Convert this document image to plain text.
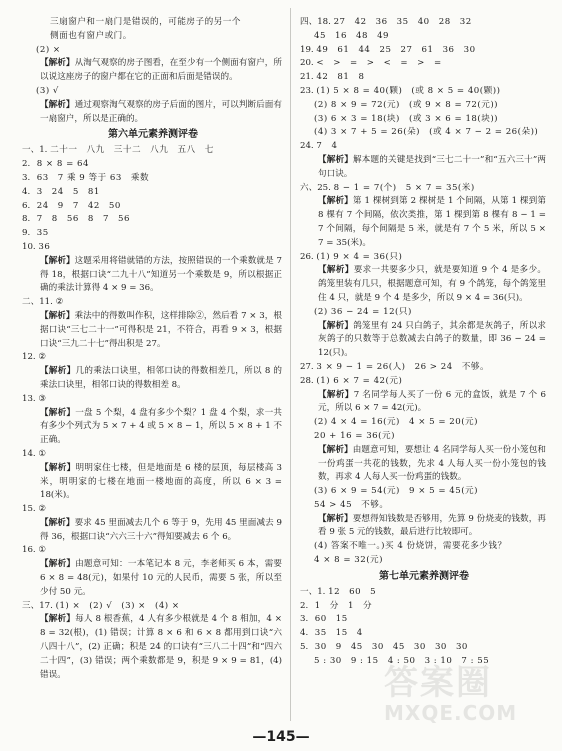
三扇窗户和一扇门是错误的，可能房子的另一个
侧面也有窗户或门。
(2) ×
【解析】从淘气观察的房子图看，在至少有一个侧面有窗户，所以说这座房子的窗户都在它的正面和后面是错误的。
(3) √
【解析】通过观察淘气观察的房子后面的图片，可以判断后面有一扇窗户，所以是正确的。
第六单元素养测评卷
一、1.
二十一　八九　三十二　八九　五八　七
2.
8 × 8 = 64
3.
63　7 乘 9 等于 63　乘数
4.
3　24　5　81
6.
24　9　7　42　50
8.
7　8　56　8　7　56
9.
35
10.
36
【解析】这题采用将错就错的方法，按照错误的一个乘数就是 7 得 18，根据口诀“二九十八”知道另一个乘数是 9，所以根据正确的乘法计算得 4 × 9 = 36。
二、11.
②
【解析】乘法中的得数叫作积，这样排除②，然后看 7 × 3，根据口诀“三七二十一”可得积是 21，不符合，再看 9 × 3，根据口诀“三九二十七”得出积是 27。
12.
②
【解析】几的乘法口诀里，相邻口诀的得数相差几，所以 8 的乘法口诀里，相邻口诀的得数相差 8。
13.
③
【解析】一盘 5 个梨，4 盘有多少个梨？1 盘 4 个梨，求一共有多少个列式为 5 × 7 + 4 或 5 × 8 − 1，所以 5 × 8 + 1 不正确。
14.
①
【解析】明明家住七楼，但是地面是 6 楼的层顶，每层楼高 3 米，明明家的七楼在地面一楼地面的高度，所以 6 × 3 = 18(米)。
15.
②
【解析】要求 45 里面减去几个 6 等于 9，先用 45 里面减去 9 得 36，根据口诀“六六三十六”得知要减去 6 个 6。
16.
①
【解析】由题意可知：一本笔记本 8 元，李老师买 6 本，需要 6 × 8 = 48(元)，如果付 10 元的人民币，需要 5 张，所以至少付 50 元。
三、17.
(1) ×　(2) √　(3) ×　(4) ×
【解析】每人 8 根香蕉，4 人有多少根就是 4 个 8 相加，4 × 8 = 32(根)，(1) 错误；计算 8 × 6 和 6 × 8 都用到口诀“六八四十八”，(2) 正确；积是 24 的口诀有“三八二十四”和“四六二十四”，(3) 错误；两个乘数都是 9，积是 9 × 9 = 81，(4) 错误。
四、18.
27　42　36　35　40　28　32
45　16　48　49
19.
49　61　44　25　27　61　36　30
20.
<　>　=　>　<　=　>　=
21.
42　81　8
23.
(1) 5 × 8 = 40(颗)　(或 8 × 5 = 40(颗))
(2) 8 × 9 = 72(元)　(或 9 × 8 = 72(元))
(3) 6 × 3 = 18(块)　(或 3 × 6 = 18(块))
(4) 3 × 7 + 5 = 26(朵)　(或 4 × 7 − 2 = 26(朵))
24.
7　4
【解析】解本题的关键是找到“三七二十一”和“五六三十”两句口诀。
六、25.
8 − 1 = 7(个)　5 × 7 = 35(米)
【解析】第 1 棵树到第 2 棵树是 1 个间隔，从第 1 棵到第 8 棵有 7 个间隔，依次类推，第 1 棵到第 8 棵有 8 − 1 = 7 个间隔，每个间隔是 5 米，就是有 7 个 5 米，所以 5 × 7 = 35(米)。
26.
(1) 9 × 4 = 36(只)
【解析】要求一共要多少只，就是要知道 9 个 4 是多少。鸽笼里装有几只，根据题意可知，有 9 个鸽笼，每个鸽笼里住 4 只，就是 9 个 4 是多少，所以 9 × 4 = 36(只)。
(2) 36 − 24 = 12(只)
【解析】鸽笼里有 24 只白鸽子，其余都是灰鸽子，所以求灰鸽子的只数等于总数减去白鸽子的数量，即 36 − 24 = 12(只)。
27.
3 × 9 − 1 = 26(人)　26 > 24　不够。
28.
(1) 6 × 7 = 42(元)
【解析】7 名同学每人买了一份 6 元的盒饭，就是 7 个 6 元，所以 6 × 7 = 42(元)。
(2) 4 × 4 = 16(元)　4 × 5 = 20(元)
20 + 16 = 36(元)
【解析】由题意可知，要想让 4 名同学每人买一份小笼包和一份鸡蛋一共花的钱数，先求 4 人每人买一份小笼包的钱数，再求 4 人每人买一份鸡蛋的钱数。
(3) 6 × 9 = 54(元)　9 × 5 = 45(元)
54 > 45　不够。
【解析】要想得知钱数是否够用，先算 9 份烧麦的钱数，再看 9 张 5 元的钱数，最后进行比较即可。
(4) 答案不唯一。)买 4 份烧饼，需要花多少钱？
4 × 8 = 32(元)
第七单元素养测评卷
一、1.
12　60　5
2.
1　分　1　分
3.
60　15
4.
35　15　4
5.
30　9　45　30　45　30　30　30
5 : 30　9 : 15　4 : 50　3 : 10　7 : 55
答案圈
MXQE.COM
—145—
